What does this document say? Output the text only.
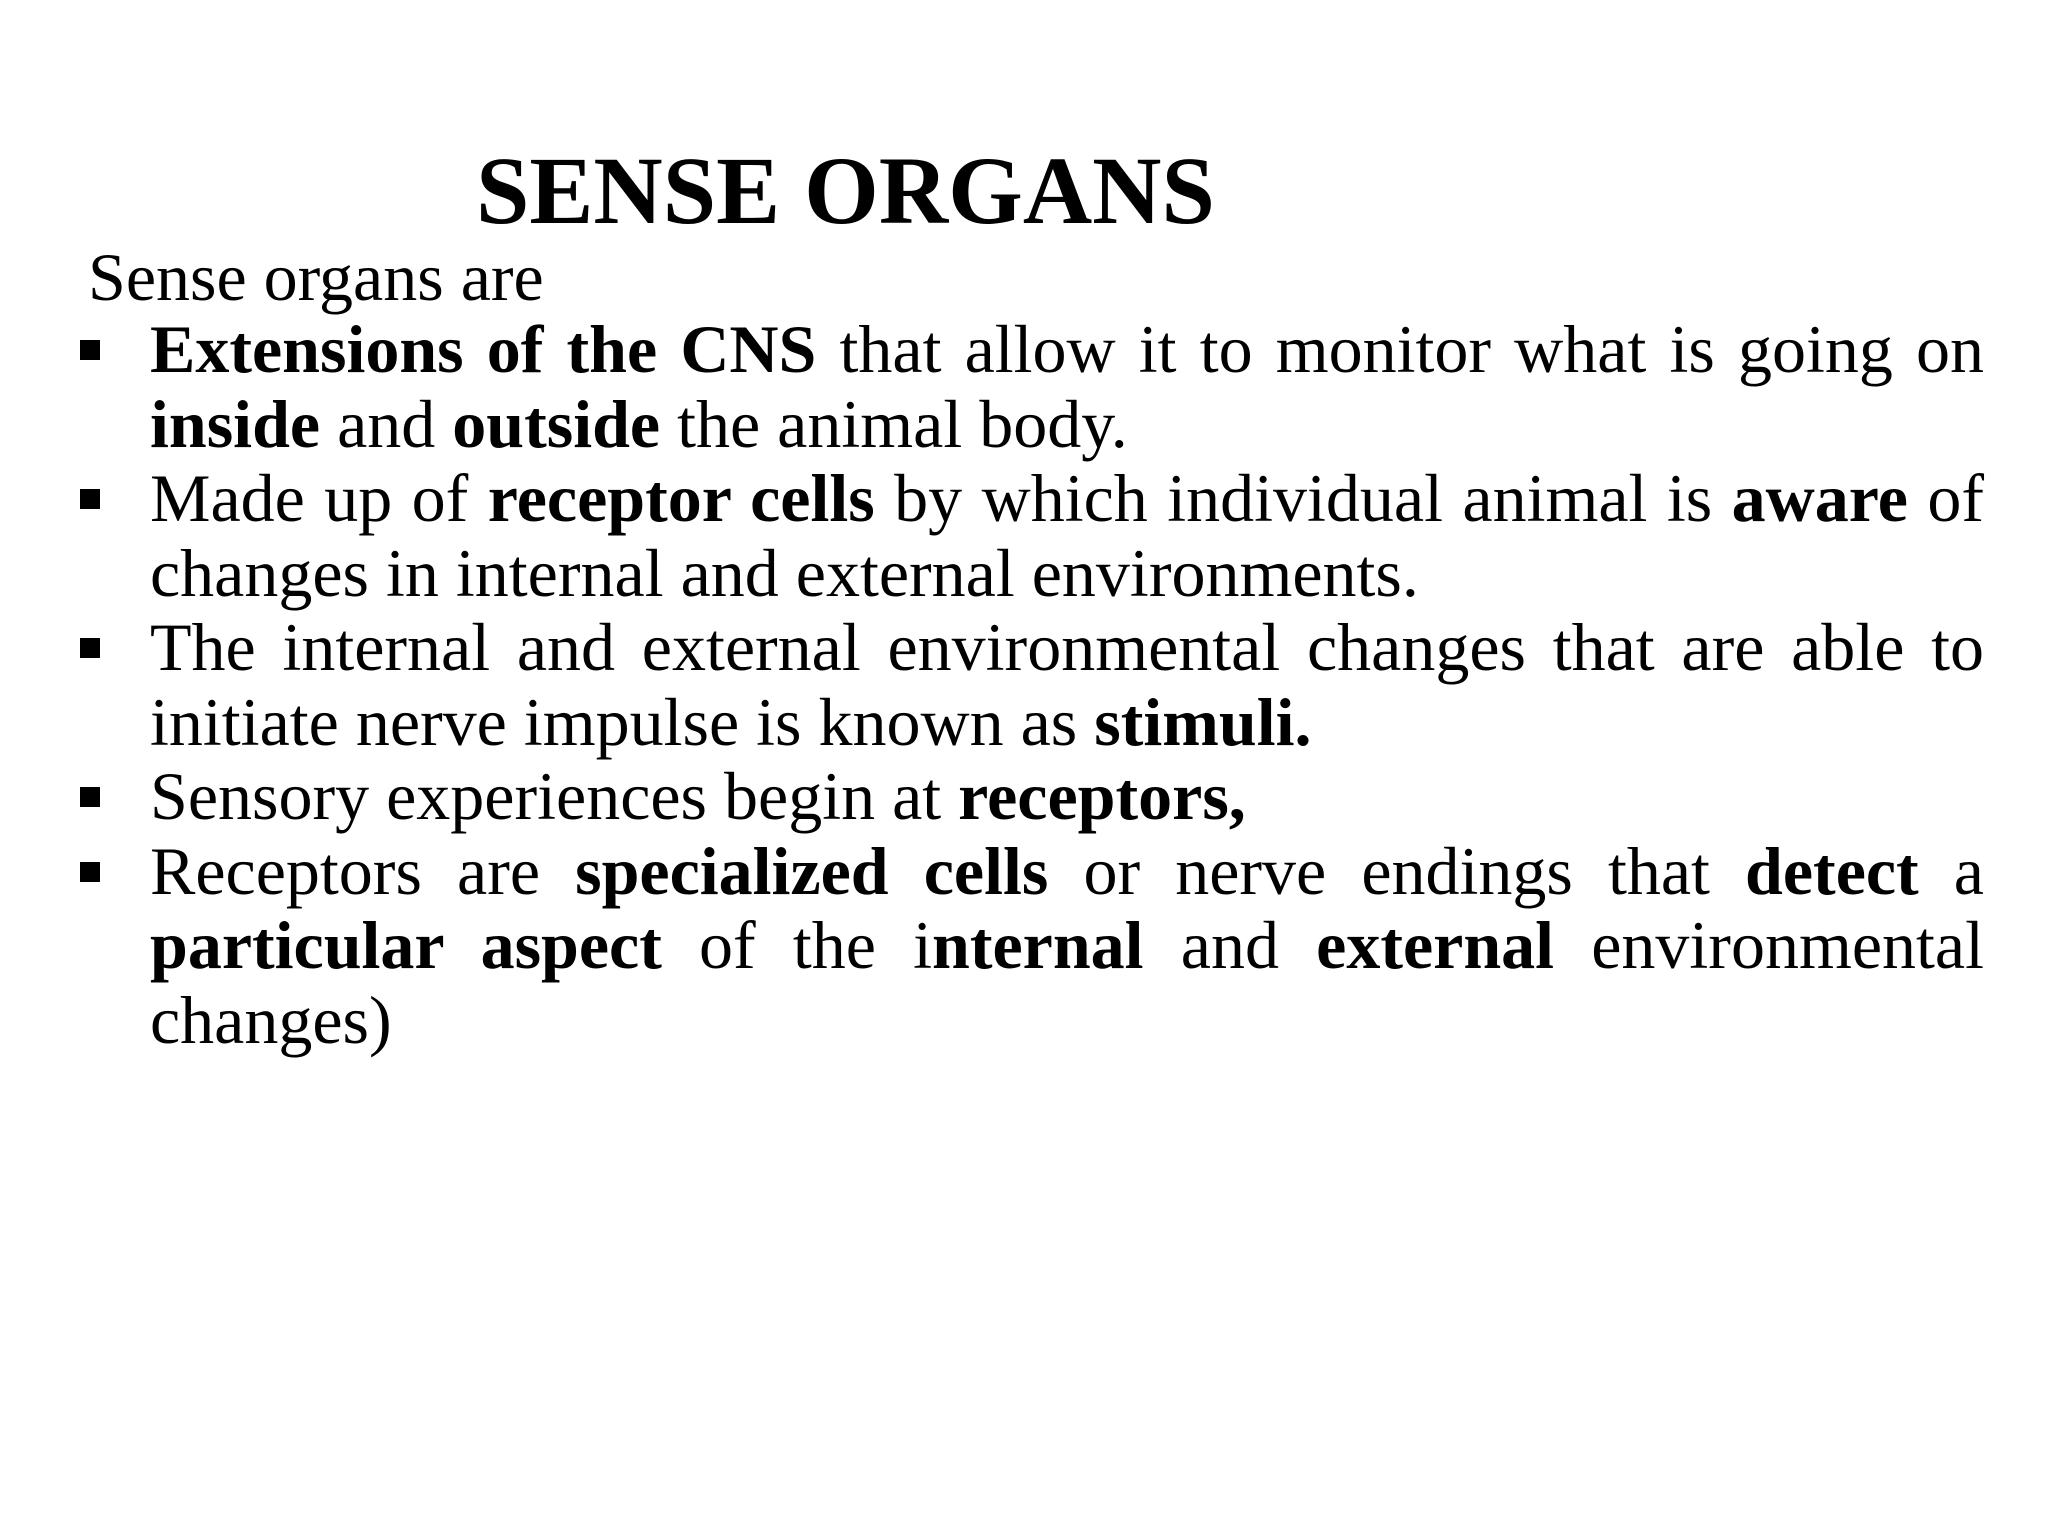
SENSE ORGANS

Sense organs are

Extensions of the CNS that allow it to monitor what is going on inside and outside the animal body.
Made up of receptor cells by which individual animal is aware of changes in internal and external environments.
The internal and external environmental changes that are able to initiate nerve impulse is known as stimuli.
Sensory experiences begin at receptors,
Receptors are specialized cells or nerve endings that detect a particular aspect of the internal and external environmental changes)
